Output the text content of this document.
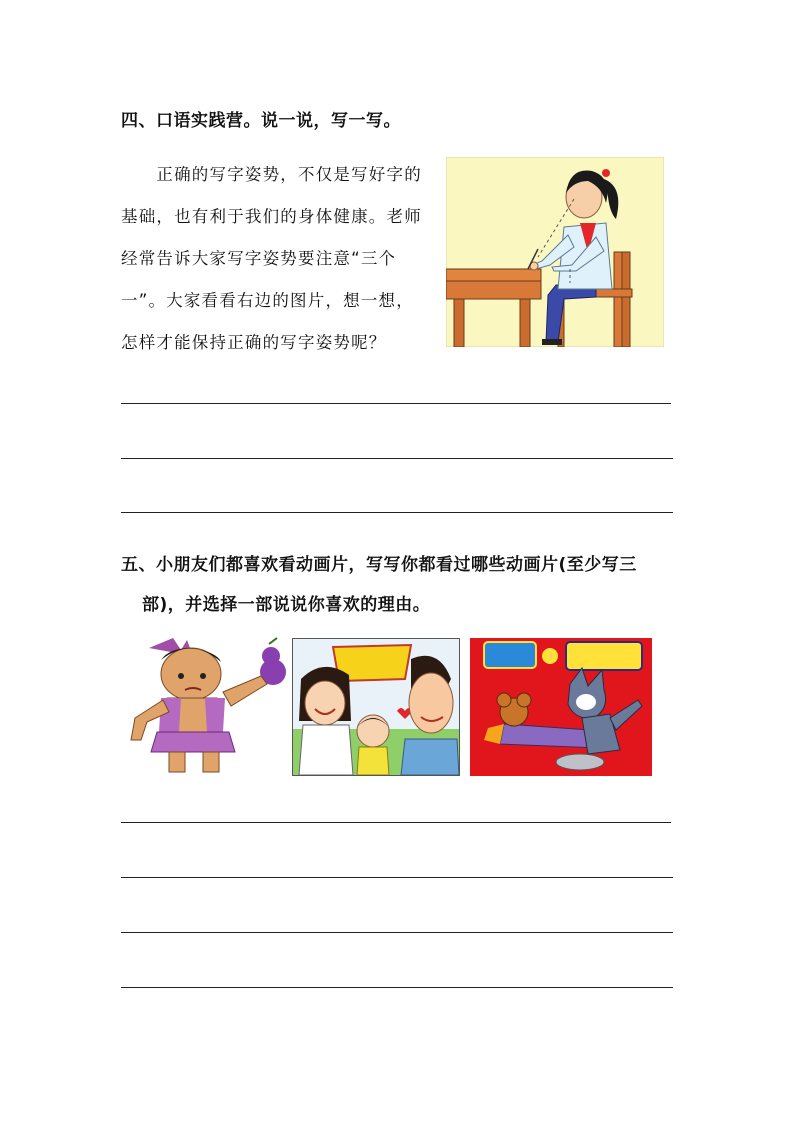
四、口语实践营。说一说，写一写。
　　正确的写字姿势，不仅是写好字的
基础，也有利于我们的身体健康。老师
经常告诉大家写字姿势要注意“三个
一”。大家看看右边的图片，想一想，
怎样才能保持正确的写字姿势呢？
五、小朋友们都喜欢看动画片，写写你都看过哪些动画片(至少写三
部)，并选择一部说说你喜欢的理由。
